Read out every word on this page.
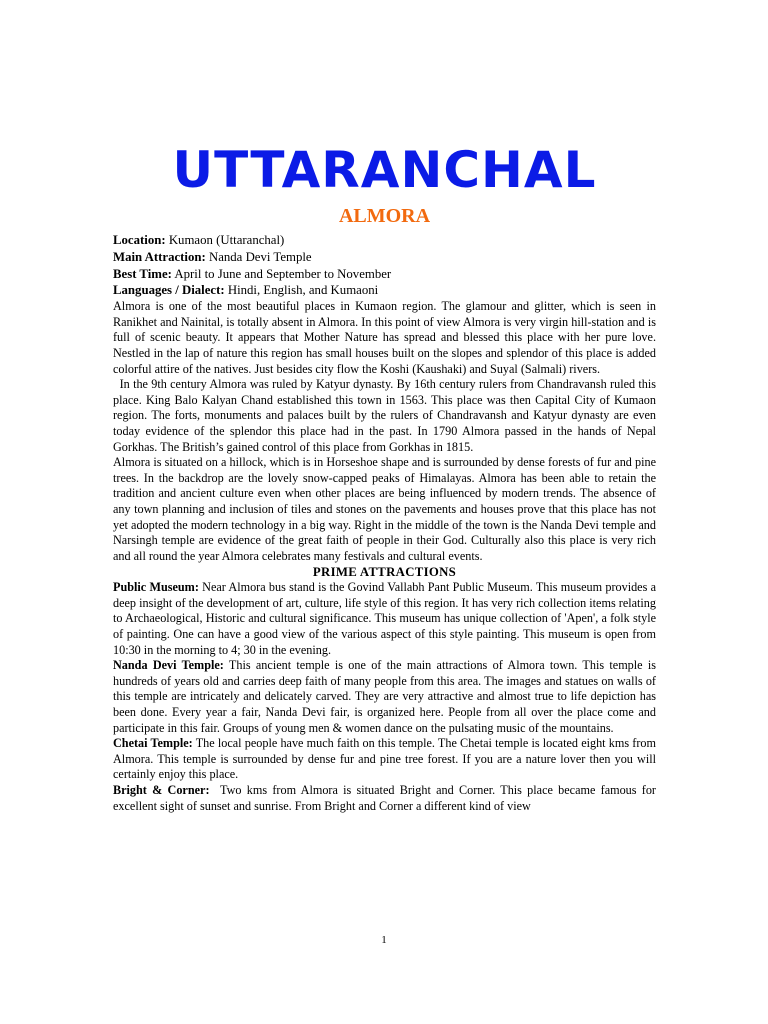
UTTARANCHAL
ALMORA

Location: Kumaon (Uttaranchal)

Main Attraction: Nanda Devi Temple

Best Time: April to June and September to November

Languages / Dialect: Hindi, English, and Kumaoni

Almora is one of the most beautiful places in Kumaon region. The glamour and glitter, which is seen in Ranikhet and Nainital, is totally absent in Almora. In this point of view Almora is very virgin hill-station and is full of scenic beauty. It appears that Mother Nature has spread and blessed this place with her pure love. Nestled in the lap of nature this region has small houses built on the slopes and splendor of this place is added colorful attire of the natives. Just besides city flow the Koshi (Kaushaki) and Suyal (Salmali) rivers.

In the 9th century Almora was ruled by Katyur dynasty. By 16th century rulers from Chandravansh ruled this place. King Balo Kalyan Chand established this town in 1563. This place was then Capital City of Kumaon region. The forts, monuments and palaces built by the rulers of Chandravansh and Katyur dynasty are even today evidence of the splendor this place had in the past. In 1790 Almora passed in the hands of Nepal Gorkhas. The British’s gained control of this place from Gorkhas in 1815.

Almora is situated on a hillock, which is in Horseshoe shape and is surrounded by dense forests of fur and pine trees. In the backdrop are the lovely snow-capped peaks of Himalayas. Almora has been able to retain the tradition and ancient culture even when other places are being influenced by modern trends. The absence of any town planning and inclusion of tiles and stones on the pavements and houses prove that this place has not yet adopted the modern technology in a big way. Right in the middle of the town is the Nanda Devi temple and Narsingh temple are evidence of the great faith of people in their God. Culturally also this place is very rich and all round the year Almora celebrates many festivals and cultural events.

PRIME ATTRACTIONS

Public Museum: Near Almora bus stand is the Govind Vallabh Pant Public Museum. This museum provides a deep insight of the development of art, culture, life style of this region. It has very rich collection items relating to Archaeological, Historic and cultural significance. This museum has unique collection of 'Apen', a folk style of painting. One can have a good view of the various aspect of this style painting. This museum is open from 10:30 in the morning to 4; 30 in the evening.

Nanda Devi Temple: This ancient temple is one of the main attractions of Almora town. This temple is hundreds of years old and carries deep faith of many people from this area. The images and statues on walls of this temple are intricately and delicately carved. They are very attractive and almost true to life depiction has been done. Every year a fair, Nanda Devi fair, is organized here. People from all over the place come and participate in this fair. Groups of young men & women dance on the pulsating music of the mountains.

Chetai Temple: The local people have much faith on this temple. The Chetai temple is located eight kms from Almora. This temple is surrounded by dense fur and pine tree forest. If you are a nature lover then you will certainly enjoy this place.

Bright & Corner:  Two kms from Almora is situated Bright and Corner. This place became famous for excellent sight of sunset and sunrise. From Bright and Corner a different kind of view

1
